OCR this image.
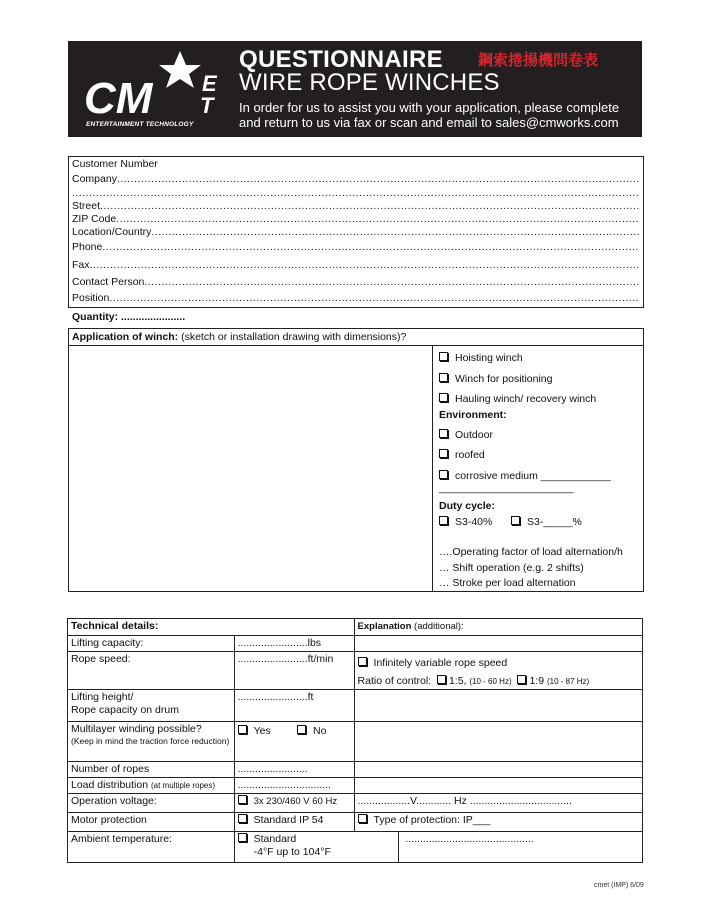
CM E
T
ENTERTAINMENT TECHNOLOGY
QUESTIONNAIRE 鋼索捲揚機問卷表
WIRE ROPE WINCHES
In order for us to assist you with your application, please complete
and return to us via fax or scan and email to sales@cmworks.com
Customer Number
Company
.....
.....
Street
.....
ZIP Code
.....
Location/Country
.....
Phone
.....
Fax
.....
Contact Person
.....
Position
.....
Quantity: ......................
Application of winch: (sketch or installation drawing with dimensions)?
Hoisting winch
Winch for positioning
Hauling winch/ recovery winch
Environment:
Outdoor
roofed
corrosive medium ____________
_______________________
Duty cycle:
S3-40%	S3-_____%
….Operating factor of load alternation/h
… Shift operation (e.g. 2 shifts)
… Stroke per load alternation
Technical details:		Explanation (additional):	
Lifting capacity:	........................lbs		
Rope speed:	........................ft/min	Infinitely variable rope speed
Ratio of control: 1:5, (10 - 60 Hz) 1:9 (10 - 87 Hz)	

Lifting height/
Rope capacity on drum	........................ft		

Multilayer winding possible?
(Keep in mind the traction force reduction)	Yes No		
Number of ropes	........................		
Load distribution (at multiple ropes)	................................		
Operation voltage:	3x 230/460 V 60 Hz	..................V............ Hz ...................................	
Motor protection	Standard IP 54	Type of protection: IP___	
Ambient temperature:	Standard
-4°F up to 104°F		............................................
cmet (IMP) 6/09
